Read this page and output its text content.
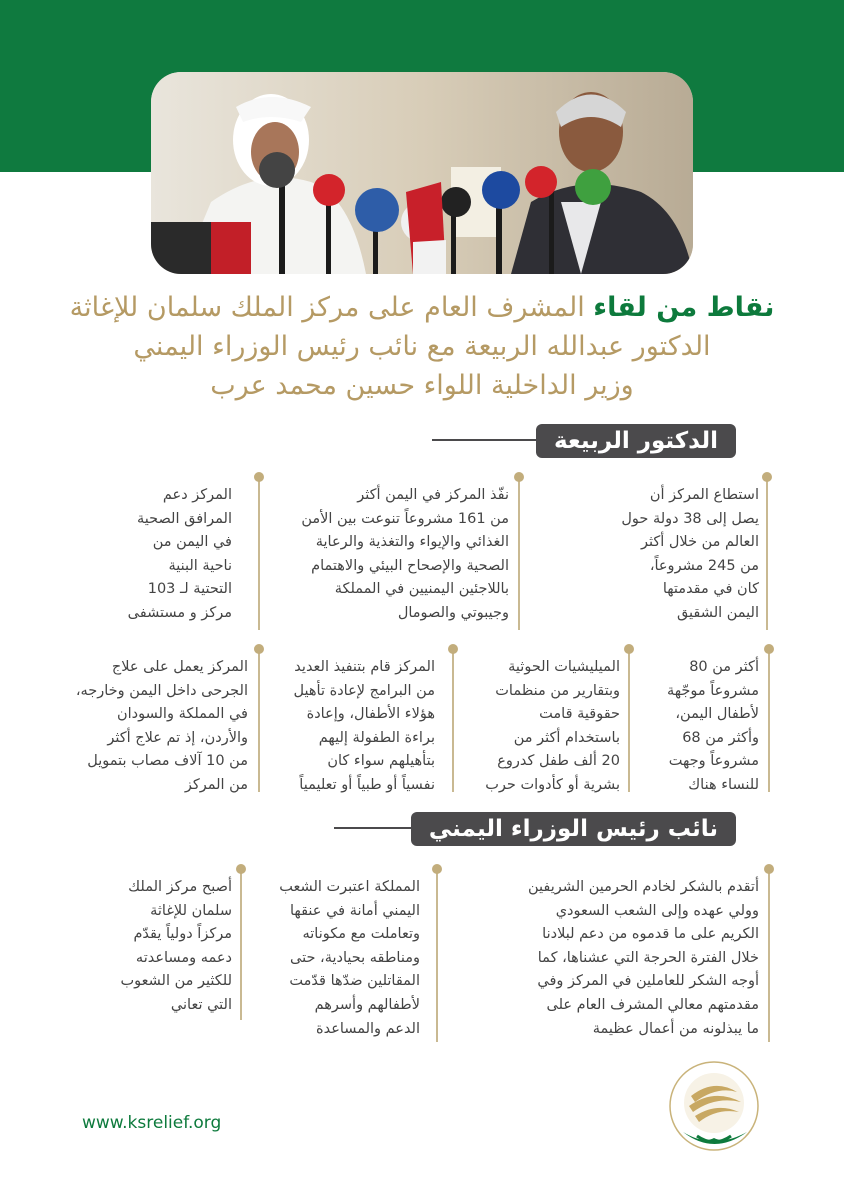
نقاط من لقاء المشرف العام على مركز الملك سلمان للإغاثة
الدكتور عبدالله الربيعة مع نائب رئيس الوزراء اليمني
وزير الداخلية اللواء حسين محمد عرب
الدكتور الربيعة
استطاع المركز أن
يصل إلى 38 دولة حول
العالم من خلال أكثر
من 245 مشروعاً،
كان في مقدمتها
اليمن الشقيق
نفّذ المركز في اليمن أكثر
من 161 مشروعاً تنوعت بين الأمن
الغذائي والإيواء والتغذية والرعاية
الصحية والإصحاح البيئي والاهتمام
باللاجئين اليمنيين في المملكة
وجيبوتي والصومال
المركز دعم
المرافق الصحية
في اليمن من
ناحية البنية
التحتية لـ 103
مركز و مستشفى
أكثر من 80
مشروعاً موجّهة
لأطفال اليمن،
وأكثر من 68
مشروعاً وجهت
للنساء هناك
الميليشيات الحوثية
وبتقارير من منظمات
حقوقية قامت
باستخدام أكثر من
20 ألف طفل كدروع
بشرية أو كأدوات حرب
المركز قام بتنفيذ العديد
من البرامج لإعادة تأهيل
هؤلاء الأطفال، وإعادة
براءة الطفولة إليهم
بتأهيلهم سواء كان
نفسياً أو طبياً أو تعليمياً
المركز يعمل على علاج
الجرحى داخل اليمن وخارجه،
في المملكة والسودان
والأردن، إذ تم علاج أكثر
من 10 آلاف مصاب بتمويل
من المركز
نائب رئيس الوزراء اليمني
أتقدم بالشكر لخادم الحرمين الشريفين
وولي عهده وإلى الشعب السعودي
الكريم على ما قدموه من دعم لبلادنا
خلال الفترة الحرجة التي عشناها، كما
أوجه الشكر للعاملين في المركز وفي
مقدمتهم معالي المشرف العام على
ما يبذلونه من أعمال عظيمة
المملكة اعتبرت الشعب
اليمني أمانة في عنقها
وتعاملت مع مكوناته
ومناطقه بحيادية، حتى
المقاتلين ضدّها قدّمت
لأطفالهم وأسرهم
الدعم والمساعدة
أصبح مركز الملك
سلمان للإغاثة
مركزاً دولياً يقدّم
دعمه ومساعدته
للكثير من الشعوب
التي تعاني
www.ksrelief.org
